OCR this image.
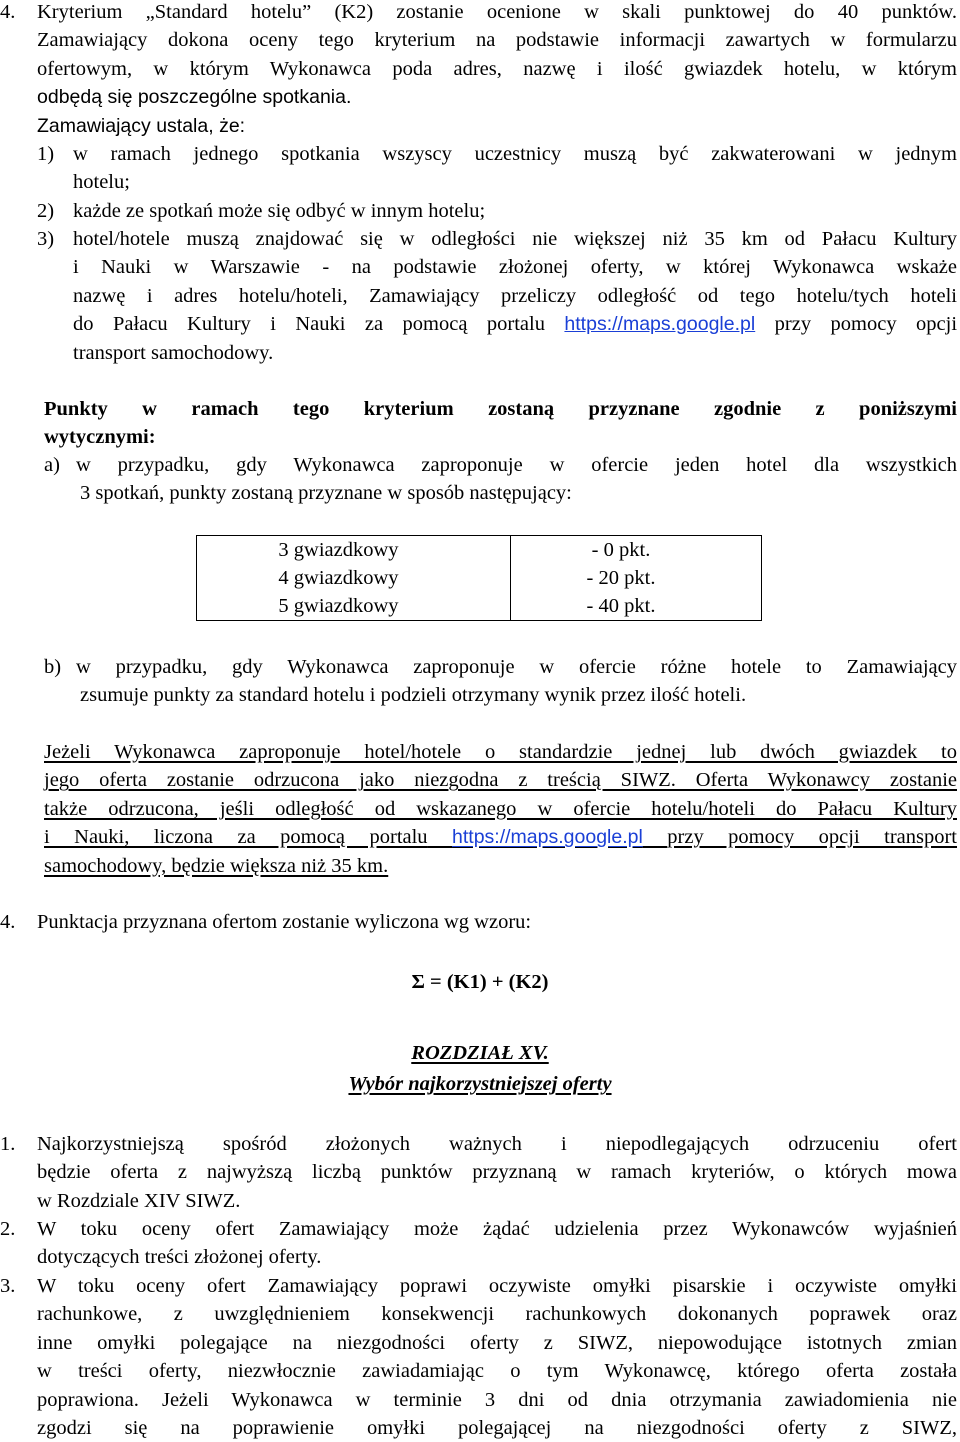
4. Kryterium „Standard hotelu” (K2) zostanie ocenione w skali punktowej do 40 punktów.
Zamawiający dokona oceny tego kryterium na podstawie informacji zawartych w formularzu
ofertowym, w którym Wykonawca poda adres, nazwę i ilość gwiazdek hotelu, w którym
odbędą się poszczególne spotkania.
Zamawiający ustala, że:
1) w ramach jednego spotkania wszyscy uczestnicy muszą być zakwaterowani w jednym
hotelu;
2) każde ze spotkań może się odbyć w innym hotelu;
3) hotel/hotele muszą znajdować się w odległości nie większej niż 35 km od Pałacu Kultury
i Nauki w Warszawie - na podstawie złożonej oferty, w której Wykonawca wskaże
nazwę i adres hotelu/hoteli, Zamawiający przeliczy odległość od tego hotelu/tych hoteli
do Pałacu Kultury i Nauki za pomocą portalu https://maps.google.pl przy pomocy opcji
transport samochodowy.
Punkty w ramach tego kryterium zostaną przyznane zgodnie z poniższymi
wytycznymi:
a) w przypadku, gdy Wykonawca zaproponuje w ofercie jeden hotel dla wszystkich
3 spotkań, punkty zostaną przyznane w sposób następujący:
3 gwiazdkowy	- 0 pkt.
4 gwiazdkowy	- 20 pkt.
5 gwiazdkowy	- 40 pkt.
b) w przypadku, gdy Wykonawca zaproponuje w ofercie różne hotele to Zamawiający
zsumuje punkty za standard hotelu i podzieli otrzymany wynik przez ilość hoteli.
Jeżeli Wykonawca zaproponuje hotel/hotele o standardzie jednej lub dwóch gwiazdek to
jego oferta zostanie odrzucona jako niezgodna z treścią SIWZ. Oferta Wykonawcy zostanie
także odrzucona, jeśli odległość od wskazanego w ofercie hotelu/hoteli do Pałacu Kultury
i Nauki, liczona za pomocą portalu https://maps.google.pl przy pomocy opcji transport
samochodowy, będzie większa niż 35 km.
4. Punktacja przyznana ofertom zostanie wyliczona wg wzoru:
Σ = (K1) + (K2)
ROZDZIAŁ XV.
Wybór najkorzystniejszej oferty
1. Najkorzystniejszą spośród złożonych ważnych i niepodlegających odrzuceniu ofert
będzie oferta z najwyższą liczbą punktów przyznaną w ramach kryteriów, o których mowa
w Rozdziale XIV SIWZ.
2. W toku oceny ofert Zamawiający może żądać udzielenia przez Wykonawców wyjaśnień
dotyczących treści złożonej oferty.
3. W toku oceny ofert Zamawiający poprawi oczywiste omyłki pisarskie i oczywiste omyłki
rachunkowe, z uwzględnieniem konsekwencji rachunkowych dokonanych poprawek oraz
inne omyłki polegające na niezgodności oferty z SIWZ, niepowodujące istotnych zmian
w treści oferty, niezwłocznie zawiadamiając o tym Wykonawcę, którego oferta została
poprawiona. Jeżeli Wykonawca w terminie 3 dni od dnia otrzymania zawiadomienia nie
zgodzi się na poprawienie omyłki polegającej na niezgodności oferty z SIWZ,
